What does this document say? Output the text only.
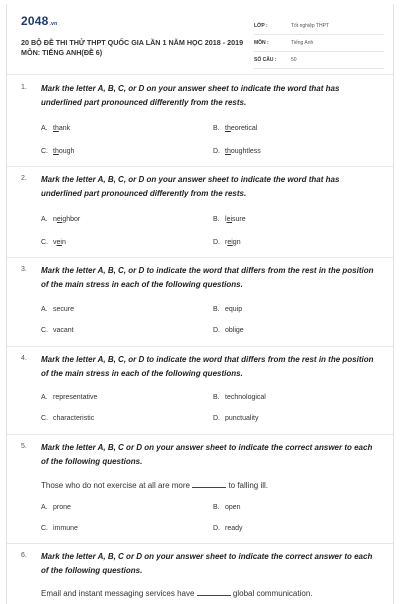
2048.vn
20 BỘ ĐỀ THI THỬ THPT QUỐC GIA LẦN 1 NĂM HỌC 2018 - 2019 MÔN: TIẾNG ANH(ĐỀ 6)
LỚP :	Tốt nghiệp THPT
MÔN :	Tiếng Anh
SỐ CÂU :	50
1. Mark the letter A, B, C, or D on your answer sheet to indicate the word that has underlined part pronounced differently from the rests.
A. thank	B. theoretical
C. though	D. thoughtless
2. Mark the letter A, B, C, or D on your answer sheet to indicate the word that has underlined part pronounced differently from the rests.
A. neighbor	B. leisure
C. vein	D. reign
3. Mark the letter A, B, C, or D to indicate the word that differs from the rest in the position of the main stress in each of the following questions.
A. secure	B. equip
C. vacant	D. oblige
4. Mark the letter A, B, C, or D to indicate the word that differs from the rest in the position of the main stress in each of the following questions.
A. representative	B. technological
C. characteristic	D. punctuality
5. Mark the letter A, B, C or D on your answer sheet to indicate the correct answer to each of the following questions.
Those who do not exercise at all are more	to falling ill.
A. prone	B. open
C. immune	D. ready
6. Mark the letter A, B, C or D on your answer sheet to indicate the correct answer to each of the following questions.
Email and instant messaging services have	global communication.
